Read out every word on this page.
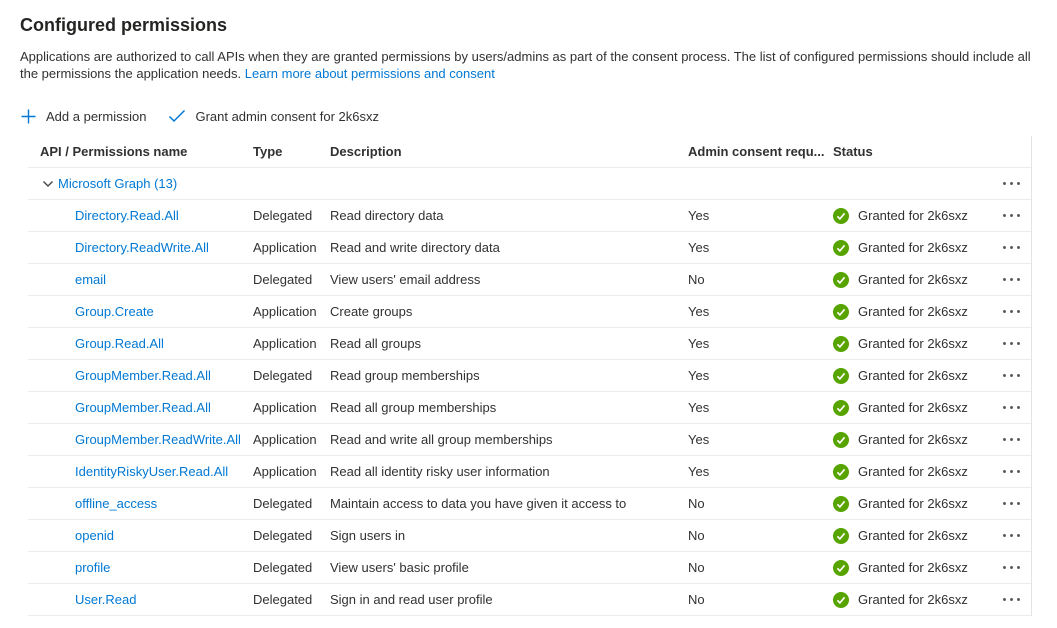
Configured permissions
Applications are authorized to call APIs when they are granted permissions by users/admins as part of the consent process. The list of configured permissions should include all the permissions the application needs. Learn more about permissions and consent
Add a permission	Grant admin consent for 2k6sxz
API / Permissions name	Type	Description	Admin consent requ... Status
Microsoft Graph (13)
Directory.Read.All	Delegated	Read directory data	Yes	Granted for 2k6sxz
Directory.ReadWrite.All	Application	Read and write directory data	Yes	Granted for 2k6sxz
email	Delegated	View users' email address	No	Granted for 2k6sxz
Group.Create	Application	Create groups	Yes	Granted for 2k6sxz
Group.Read.All	Application	Read all groups	Yes	Granted for 2k6sxz
GroupMember.Read.All	Delegated	Read group memberships	Yes	Granted for 2k6sxz
GroupMember.Read.All	Application	Read all group memberships	Yes	Granted for 2k6sxz
GroupMember.ReadWrite.All Application	Read and write all group memberships	Yes	Granted for 2k6sxz
IdentityRiskyUser.Read.All	Application	Read all identity risky user information	Yes	Granted for 2k6sxz
offline_access	Delegated	Maintain access to data you have given it access to	No	Granted for 2k6sxz
openid	Delegated	Sign users in	No	Granted for 2k6sxz
profile	Delegated	View users' basic profile	No	Granted for 2k6sxz
User.Read	Delegated	Sign in and read user profile	No	Granted for 2k6sxz
